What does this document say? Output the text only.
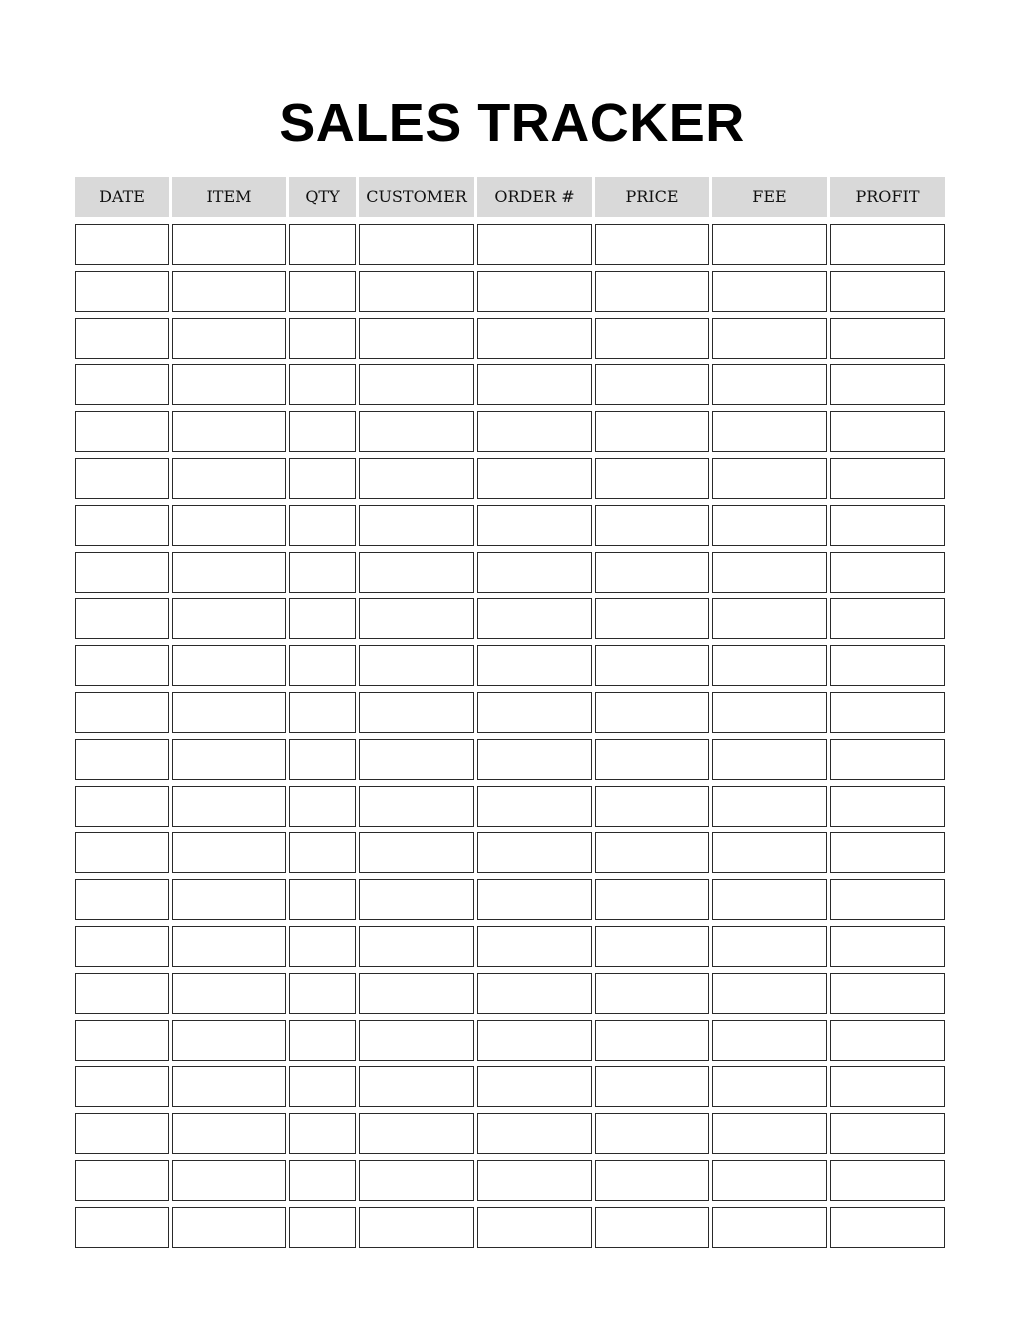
SALES TRACKER
DATE	ITEM	QTY	CUSTOMER	ORDER #	PRICE	FEE	PROFIT
